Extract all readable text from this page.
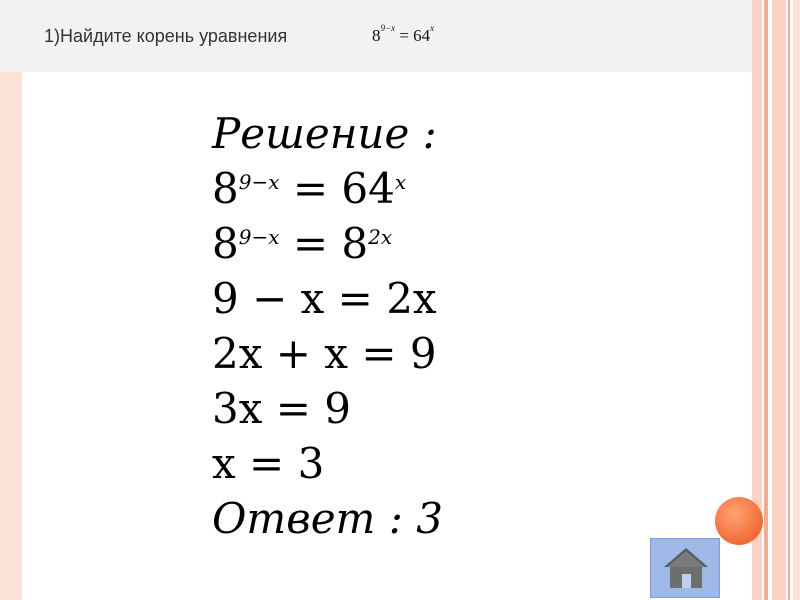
1)Найдите корень уравнения	$8^{9-x} = 64^x$
Решение :
$8^{9-x} = 64^x$
$8^{9-x} = 8^{2x}$
9 − x = 2x
2x + x = 9
3x = 9
x = 3
Ответ : 3
